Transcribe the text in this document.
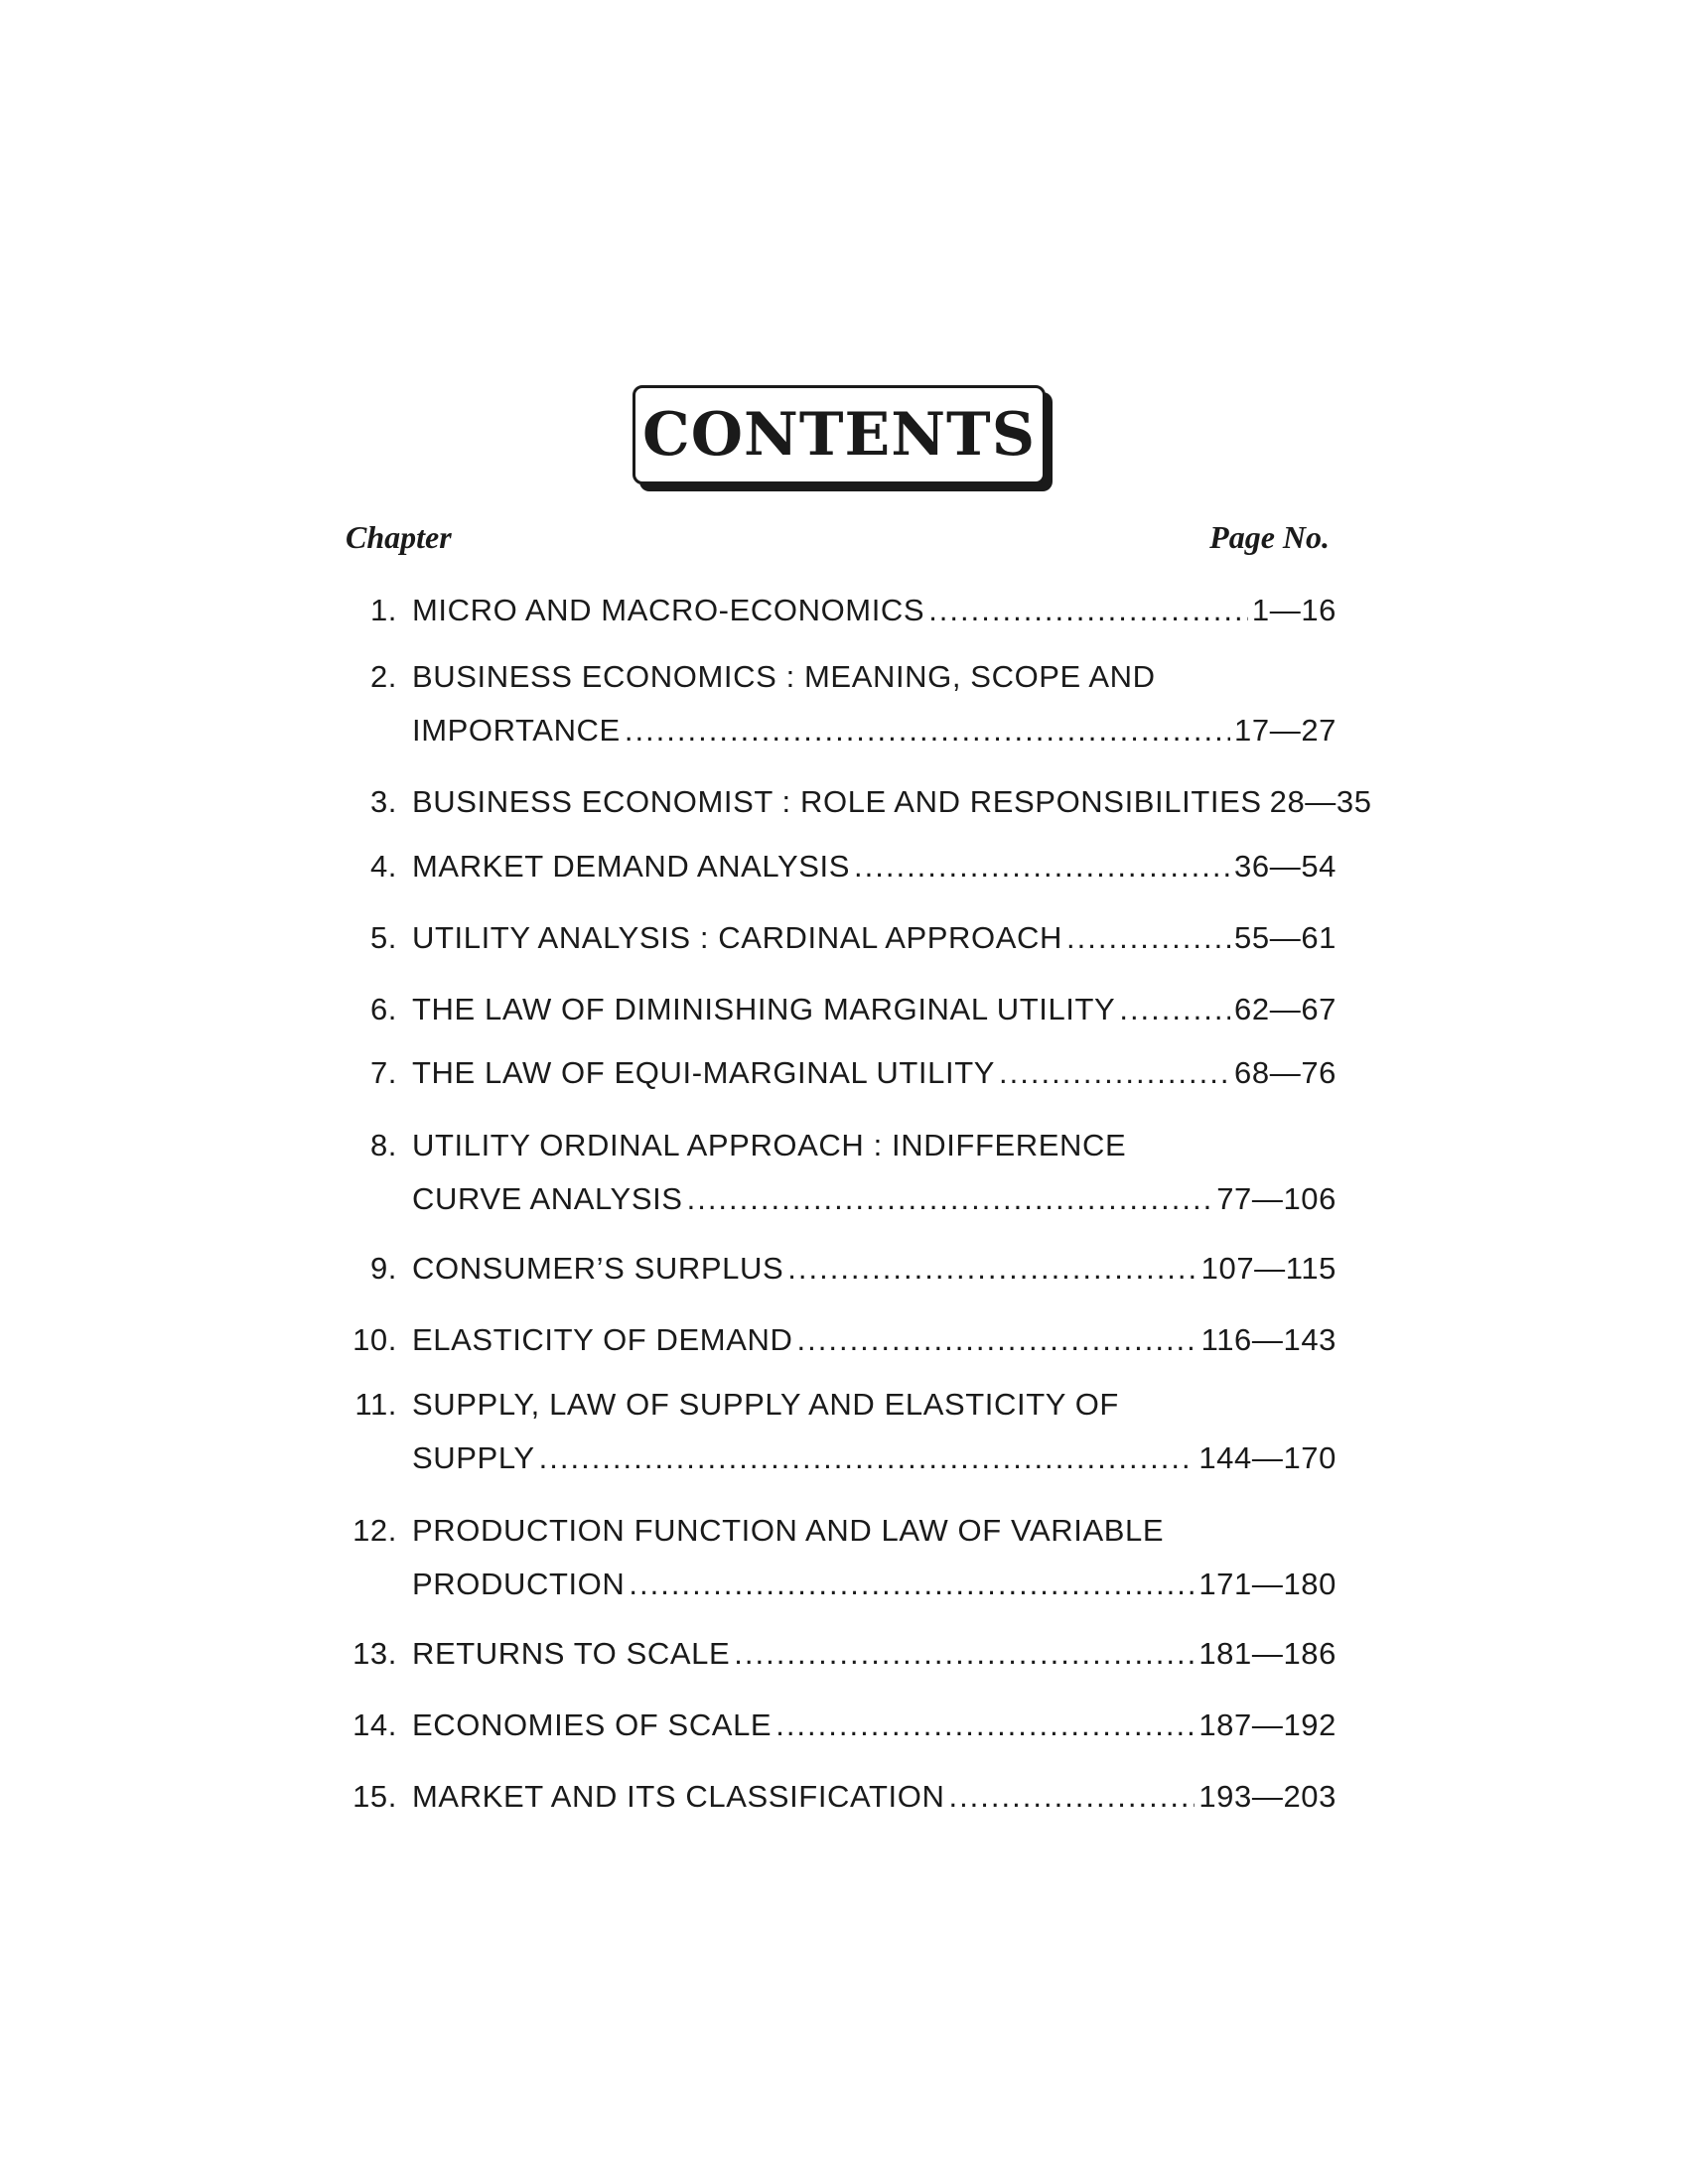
CONTENTS
Chapter	Page No.
1. MICRO AND MACRO-ECONOMICS .....	1—16
2. BUSINESS ECONOMICS : MEANING, SCOPE AND
IMPORTANCE .....	17—27
3. BUSINESS ECONOMIST : ROLE AND RESPONSIBILITIES 28—35
4. MARKET DEMAND ANALYSIS .....	36—54
5. UTILITY ANALYSIS : CARDINAL APPROACH .....	55—61
6. THE LAW OF DIMINISHING MARGINAL UTILITY .....	62—67
7. THE LAW OF EQUI-MARGINAL UTILITY .....	68—76
8. UTILITY ORDINAL APPROACH : INDIFFERENCE
CURVE ANALYSIS .....	77—106
9. CONSUMER’S SURPLUS .....	107—115
10. ELASTICITY OF DEMAND .....	116—143
11. SUPPLY, LAW OF SUPPLY AND ELASTICITY OF
SUPPLY .....	144—170
12. PRODUCTION FUNCTION AND LAW OF VARIABLE
PRODUCTION .....	171—180
13. RETURNS TO SCALE .....	181—186
14. ECONOMIES OF SCALE .....	187—192
15. MARKET AND ITS CLASSIFICATION .....	193—203
